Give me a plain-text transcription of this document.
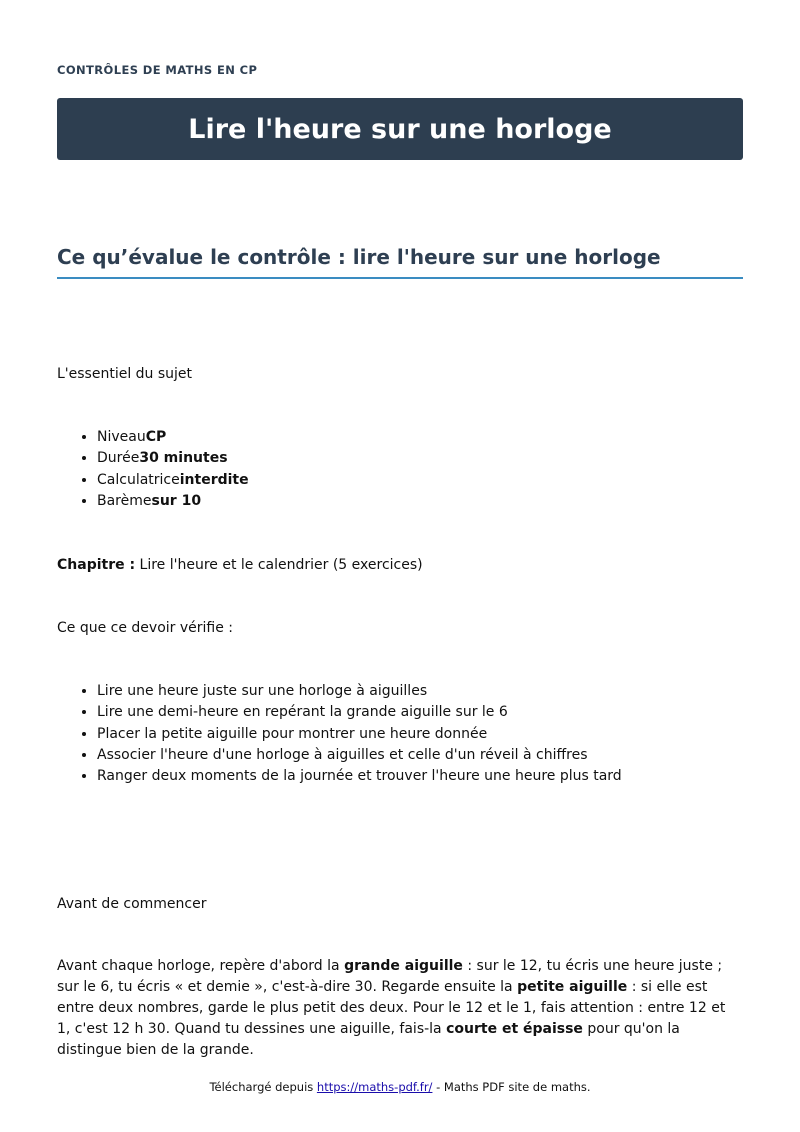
CONTRÔLES DE MATHS EN CP
Lire l'heure sur une horloge
Ce qu’évalue le contrôle : lire l'heure sur une horloge

L'essentiel du sujet

• NiveauCP
• Durée30 minutes
• Calculatriceinterdite
• Barèmesur 10

Chapitre : Lire l'heure et le calendrier (5 exercices)

Ce que ce devoir vérifie :

• Lire une heure juste sur une horloge à aiguilles
• Lire une demi-heure en repérant la grande aiguille sur le 6
• Placer la petite aiguille pour montrer une heure donnée
• Associer l'heure d'une horloge à aiguilles et celle d'un réveil à chiffres
• Ranger deux moments de la journée et trouver l'heure une heure plus tard

Avant de commencer

Avant chaque horloge, repère d'abord la grande aiguille : sur le 12, tu écris une heure juste ; sur le 6, tu écris « et demie », c'est-à-dire 30. Regarde ensuite la petite aiguille : si elle est entre deux nombres, garde le plus petit des deux. Pour le 12 et le 1, fais attention : entre 12 et 1, c'est 12 h 30. Quand tu dessines une aiguille, fais-la courte et épaisse pour qu'on la distingue bien de la grande.

Téléchargé depuis https://maths-pdf.fr/ - Maths PDF site de maths.
